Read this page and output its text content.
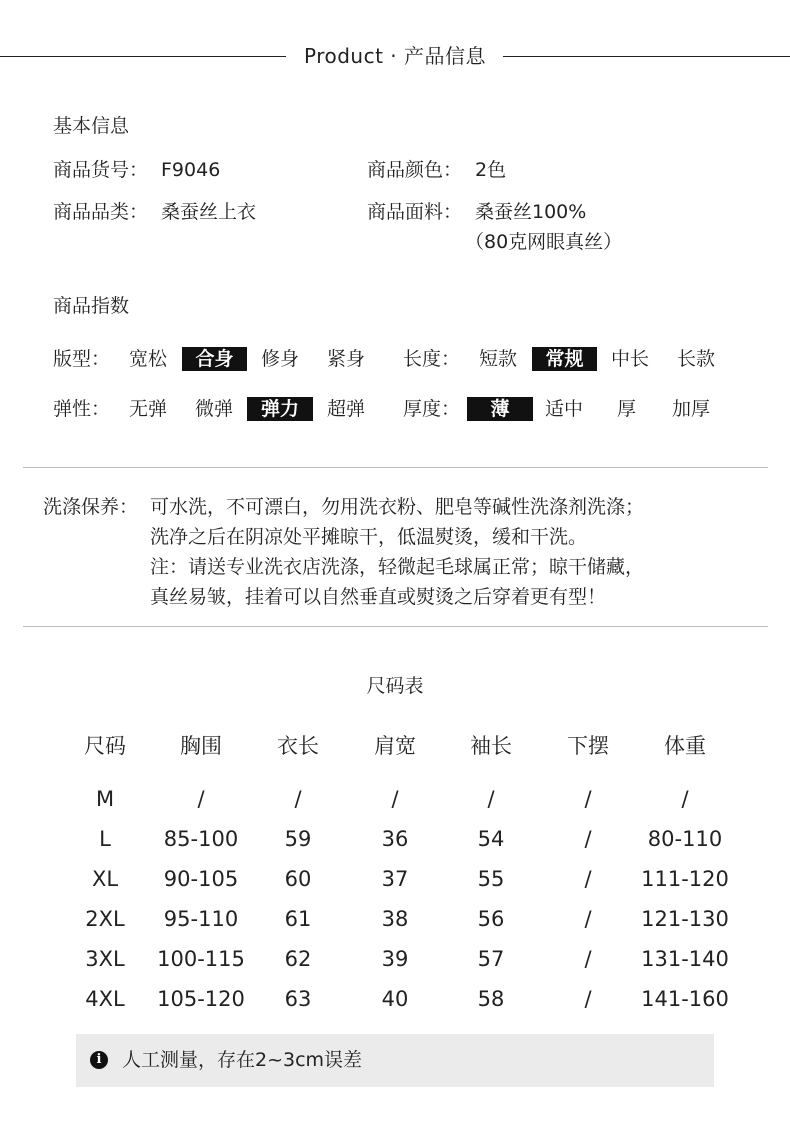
Product · 产品信息
基本信息
商品货号： F9046	商品颜色： 2色
商品品类： 桑蚕丝上衣	商品面料： 桑蚕丝100%
（80克网眼真丝）
商品指数
版型： 宽松	合身	修身 紧身 长度： 短款	常规	中长 长款
弹性： 无弹 微弹	弹力	超弹 厚度：	薄	适中 厚 加厚
洗涤保养： 可水洗，不可漂白，勿用洗衣粉、肥皂等碱性洗涤剂洗涤；
洗净之后在阴凉处平摊晾干，低温熨烫，缓和干洗。
注：请送专业洗衣店洗涤，轻微起毛球属正常；晾干储藏，
真丝易皱，挂着可以自然垂直或熨烫之后穿着更有型！
尺码表
尺码	胸围	衣长	肩宽	袖长	下摆	体重
M	/	/	/	/	/	/
L	85-100	59	36	54	/	80-110
XL	90-105	60	37	55	/	111-120
2XL	95-110	61	38	56	/	121-130
3XL	100-115	62	39	57	/	131-140
4XL	105-120	63	40	58	/	141-160
i	人工测量，存在2~3cm误差
